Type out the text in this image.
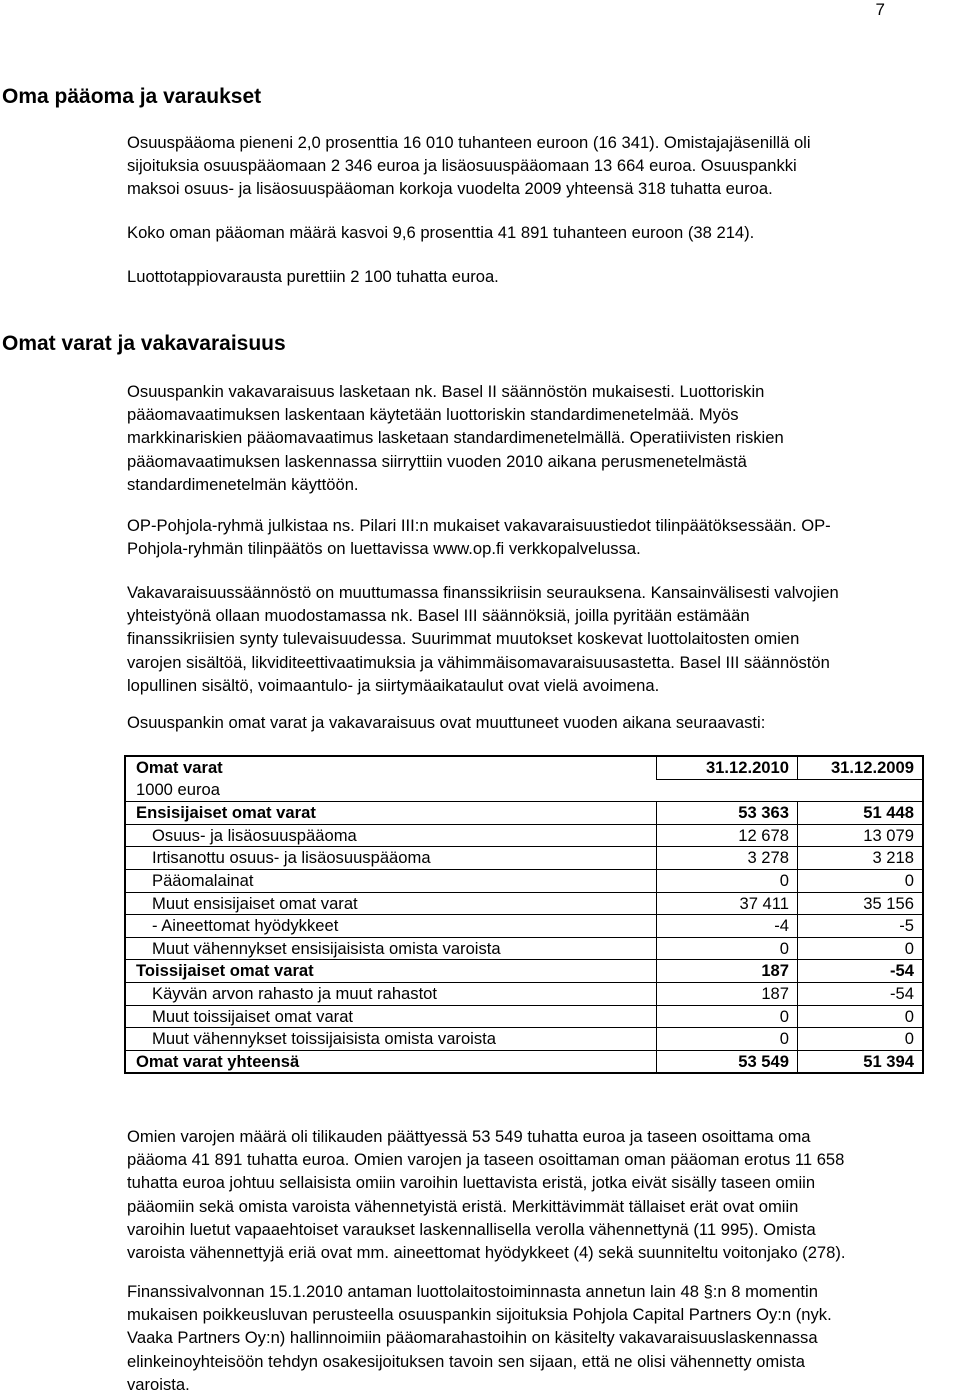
7
Oma pääoma ja varaukset

Osuuspääoma pieneni 2,0 prosenttia 16 010 tuhanteen euroon (16 341). Omistajajäsenillä oli
sijoituksia osuuspääomaan 2 346 euroa ja lisäosuuspääomaan 13 664 euroa. Osuuspankki
maksoi osuus- ja lisäosuuspääoman korkoja vuodelta 2009 yhteensä 318 tuhatta euroa.

Koko oman pääoman määrä kasvoi 9,6 prosenttia 41 891 tuhanteen euroon (38 214).

Luottotappiovarausta purettiin 2 100 tuhatta euroa.

Omat varat ja vakavaraisuus

Osuuspankin vakavaraisuus lasketaan nk. Basel II säännöstön mukaisesti. Luottoriskin
pääomavaatimuksen laskentaan käytetään luottoriskin standardimenetelmää. Myös
markkinariskien pääomavaatimus lasketaan standardimenetelmällä. Operatiivisten riskien
pääomavaatimuksen laskennassa siirryttiin vuoden 2010 aikana perusmenetelmästä
standardimenetelmän käyttöön.

OP-Pohjola-ryhmä julkistaa ns. Pilari III:n mukaiset vakavaraisuustiedot tilinpäätöksessään. OP-
Pohjola-ryhmän tilinpäätös on luettavissa www.op.fi verkkopalvelussa.

Vakavaraisuussäännöstö on muuttumassa finanssikriisin seurauksena. Kansainvälisesti valvojien
yhteistyönä ollaan muodostamassa nk. Basel III säännöksiä, joilla pyritään estämään
finanssikriisien synty tulevaisuudessa. Suurimmat muutokset koskevat luottolaitosten omien
varojen sisältöä, likviditeettivaatimuksia ja vähimmäisomavaraisuusastetta. Basel III säännöstön
lopullinen sisältö, voimaantulo- ja siirtymäaikataulut ovat vielä avoimena.

Osuuspankin omat varat ja vakavaraisuus ovat muuttuneet vuoden aikana seuraavasti:

Omat varat	31.12.2010	31.12.2009
1000 euroa		
Ensisijaiset omat varat	53 363	51 448
Osuus- ja lisäosuuspääoma	12 678	13 079
Irtisanottu osuus- ja lisäosuuspääoma	3 278	3 218
Pääomalainat	0	0
Muut ensisijaiset omat varat	37 411	35 156
- Aineettomat hyödykkeet	-4	-5
Muut vähennykset ensisijaisista omista varoista	0	0
Toissijaiset omat varat	187	-54
Käyvän arvon rahasto ja muut rahastot	187	-54
Muut toissijaiset omat varat	0	0
Muut vähennykset toissijaisista omista varoista	0	0
Omat varat yhteensä	53 549	51 394

Omien varojen määrä oli tilikauden päättyessä 53 549 tuhatta euroa ja taseen osoittama oma
pääoma 41 891 tuhatta euroa. Omien varojen ja taseen osoittaman oman pääoman erotus 11 658
tuhatta euroa johtuu sellaisista omiin varoihin luettavista eristä, jotka eivät sisälly taseen omiin
pääomiin sekä omista varoista vähennetyistä eristä. Merkittävimmät tällaiset erät ovat omiin
varoihin luetut vapaaehtoiset varaukset laskennallisella verolla vähennettynä (11 995). Omista
varoista vähennettyjä eriä ovat mm. aineettomat hyödykkeet (4) sekä suunniteltu voitonjako (278).

Finanssivalvonnan 15.1.2010 antaman luottolaitostoiminnasta annetun lain 48 §:n 8 momentin
mukaisen poikkeusluvan perusteella osuuspankin sijoituksia Pohjola Capital Partners Oy:n (nyk.
Vaaka Partners Oy:n) hallinnoimiin pääomarahastoihin on käsitelty vakavaraisuuslaskennassa
elinkeinoyhteisöön tehdyn osakesijoituksen tavoin sen sijaan, että ne olisi vähennetty omista
varoista.
